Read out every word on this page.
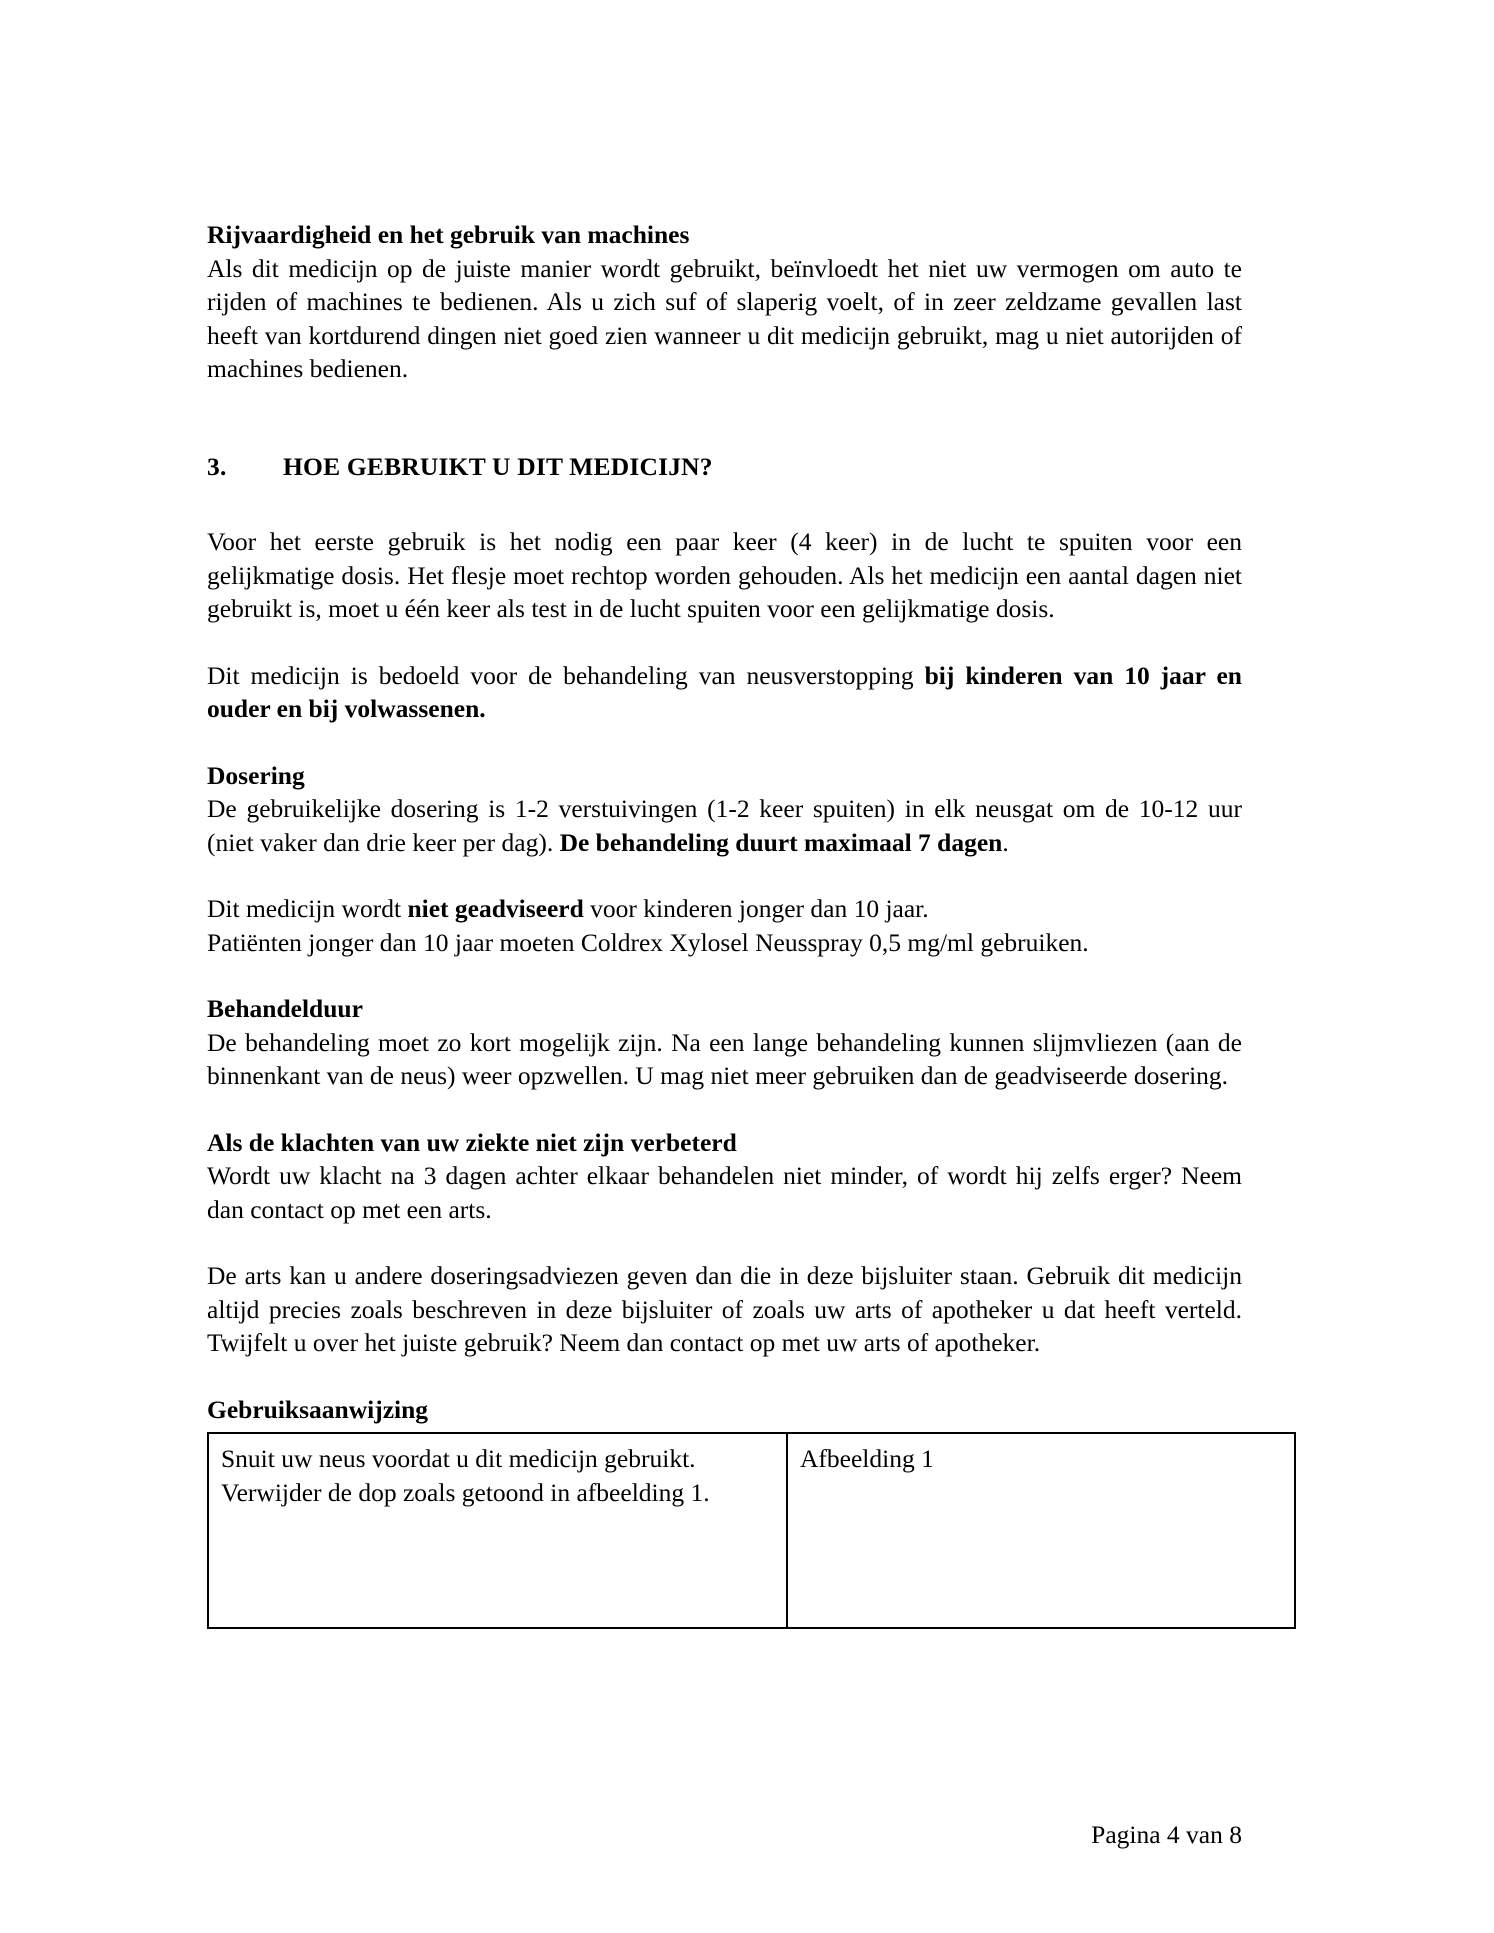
Rijvaardigheid en het gebruik van machines

Als dit medicijn op de juiste manier wordt gebruikt, beïnvloedt het niet uw vermogen om auto te rijden of machines te bedienen. Als u zich suf of slaperig voelt, of in zeer zeldzame gevallen last heeft van kortdurend dingen niet goed zien wanneer u dit medicijn gebruikt, mag u niet autorijden of machines bedienen.

3. HOE GEBRUIKT U DIT MEDICIJN?

Voor het eerste gebruik is het nodig een paar keer (4 keer) in de lucht te spuiten voor een gelijkmatige dosis. Het flesje moet rechtop worden gehouden. Als het medicijn een aantal dagen niet gebruikt is, moet u één keer als test in de lucht spuiten voor een gelijkmatige dosis.

Dit medicijn is bedoeld voor de behandeling van neusverstopping bij kinderen van 10 jaar en ouder en bij volwassenen.

Dosering

De gebruikelijke dosering is 1-2 verstuivingen (1-2 keer spuiten) in elk neusgat om de 10-12 uur (niet vaker dan drie keer per dag). De behandeling duurt maximaal 7 dagen.

Dit medicijn wordt niet geadviseerd voor kinderen jonger dan 10 jaar.

Patiënten jonger dan 10 jaar moeten Coldrex Xylosel Neusspray 0,5 mg/ml gebruiken.

Behandelduur

De behandeling moet zo kort mogelijk zijn. Na een lange behandeling kunnen slijmvliezen (aan de binnenkant van de neus) weer opzwellen. U mag niet meer gebruiken dan de geadviseerde dosering.

Als de klachten van uw ziekte niet zijn verbeterd

Wordt uw klacht na 3 dagen achter elkaar behandelen niet minder, of wordt hij zelfs erger? Neem dan contact op met een arts.

De arts kan u andere doseringsadviezen geven dan die in deze bijsluiter staan. Gebruik dit medicijn altijd precies zoals beschreven in deze bijsluiter of zoals uw arts of apotheker u dat heeft verteld. Twijfelt u over het juiste gebruik? Neem dan contact op met uw arts of apotheker.

Gebruiksaanwijzing
Snuit uw neus voordat u dit medicijn gebruikt. Verwijder de dop zoals getoond in afbeelding 1.	Afbeelding 1
Pagina 4 van 8
